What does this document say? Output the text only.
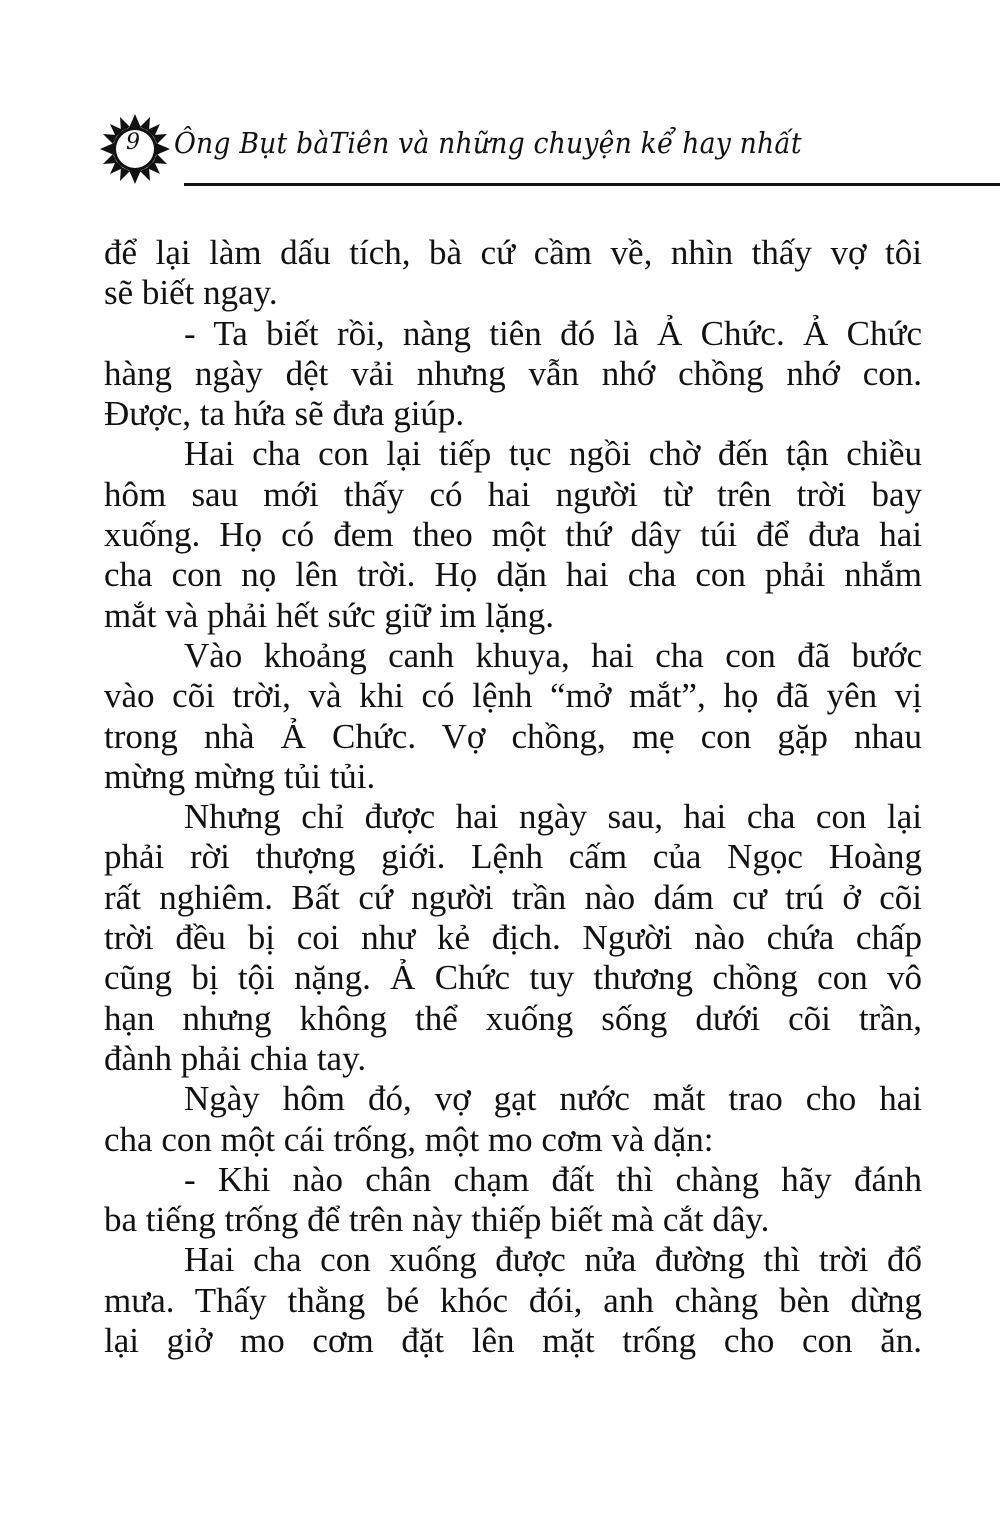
9 Ông Bụt bàTiên và những chuyện kể hay nhất
để lại làm dấu tích, bà cứ cầm về, nhìn thấy vợ tôi
sẽ biết ngay.
- Ta biết rồi, nàng tiên đó là Ả Chức. Ả Chức
hàng ngày dệt vải nhưng vẫn nhớ chồng nhớ con.
Được, ta hứa sẽ đưa giúp.
Hai cha con lại tiếp tục ngồi chờ đến tận chiều
hôm sau mới thấy có hai người từ trên trời bay
xuống. Họ có đem theo một thứ dây túi để đưa hai
cha con nọ lên trời. Họ dặn hai cha con phải nhắm
mắt và phải hết sức giữ im lặng.
Vào khoảng canh khuya, hai cha con đã bước
vào cõi trời, và khi có lệnh “mở mắt”, họ đã yên vị
trong nhà Ả Chức. Vợ chồng, mẹ con gặp nhau
mừng mừng tủi tủi.
Nhưng chỉ được hai ngày sau, hai cha con lại
phải rời thượng giới. Lệnh cấm của Ngọc Hoàng
rất nghiêm. Bất cứ người trần nào dám cư trú ở cõi
trời đều bị coi như kẻ địch. Người nào chứa chấp
cũng bị tội nặng. Ả Chức tuy thương chồng con vô
hạn nhưng không thể xuống sống dưới cõi trần,
đành phải chia tay.
Ngày hôm đó, vợ gạt nước mắt trao cho hai
cha con một cái trống, một mo cơm và dặn:
- Khi nào chân chạm đất thì chàng hãy đánh
ba tiếng trống để trên này thiếp biết mà cắt dây.
Hai cha con xuống được nửa đường thì trời đổ
mưa. Thấy thằng bé khóc đói, anh chàng bèn dừng
lại giở mo cơm đặt lên mặt trống cho con ăn.
